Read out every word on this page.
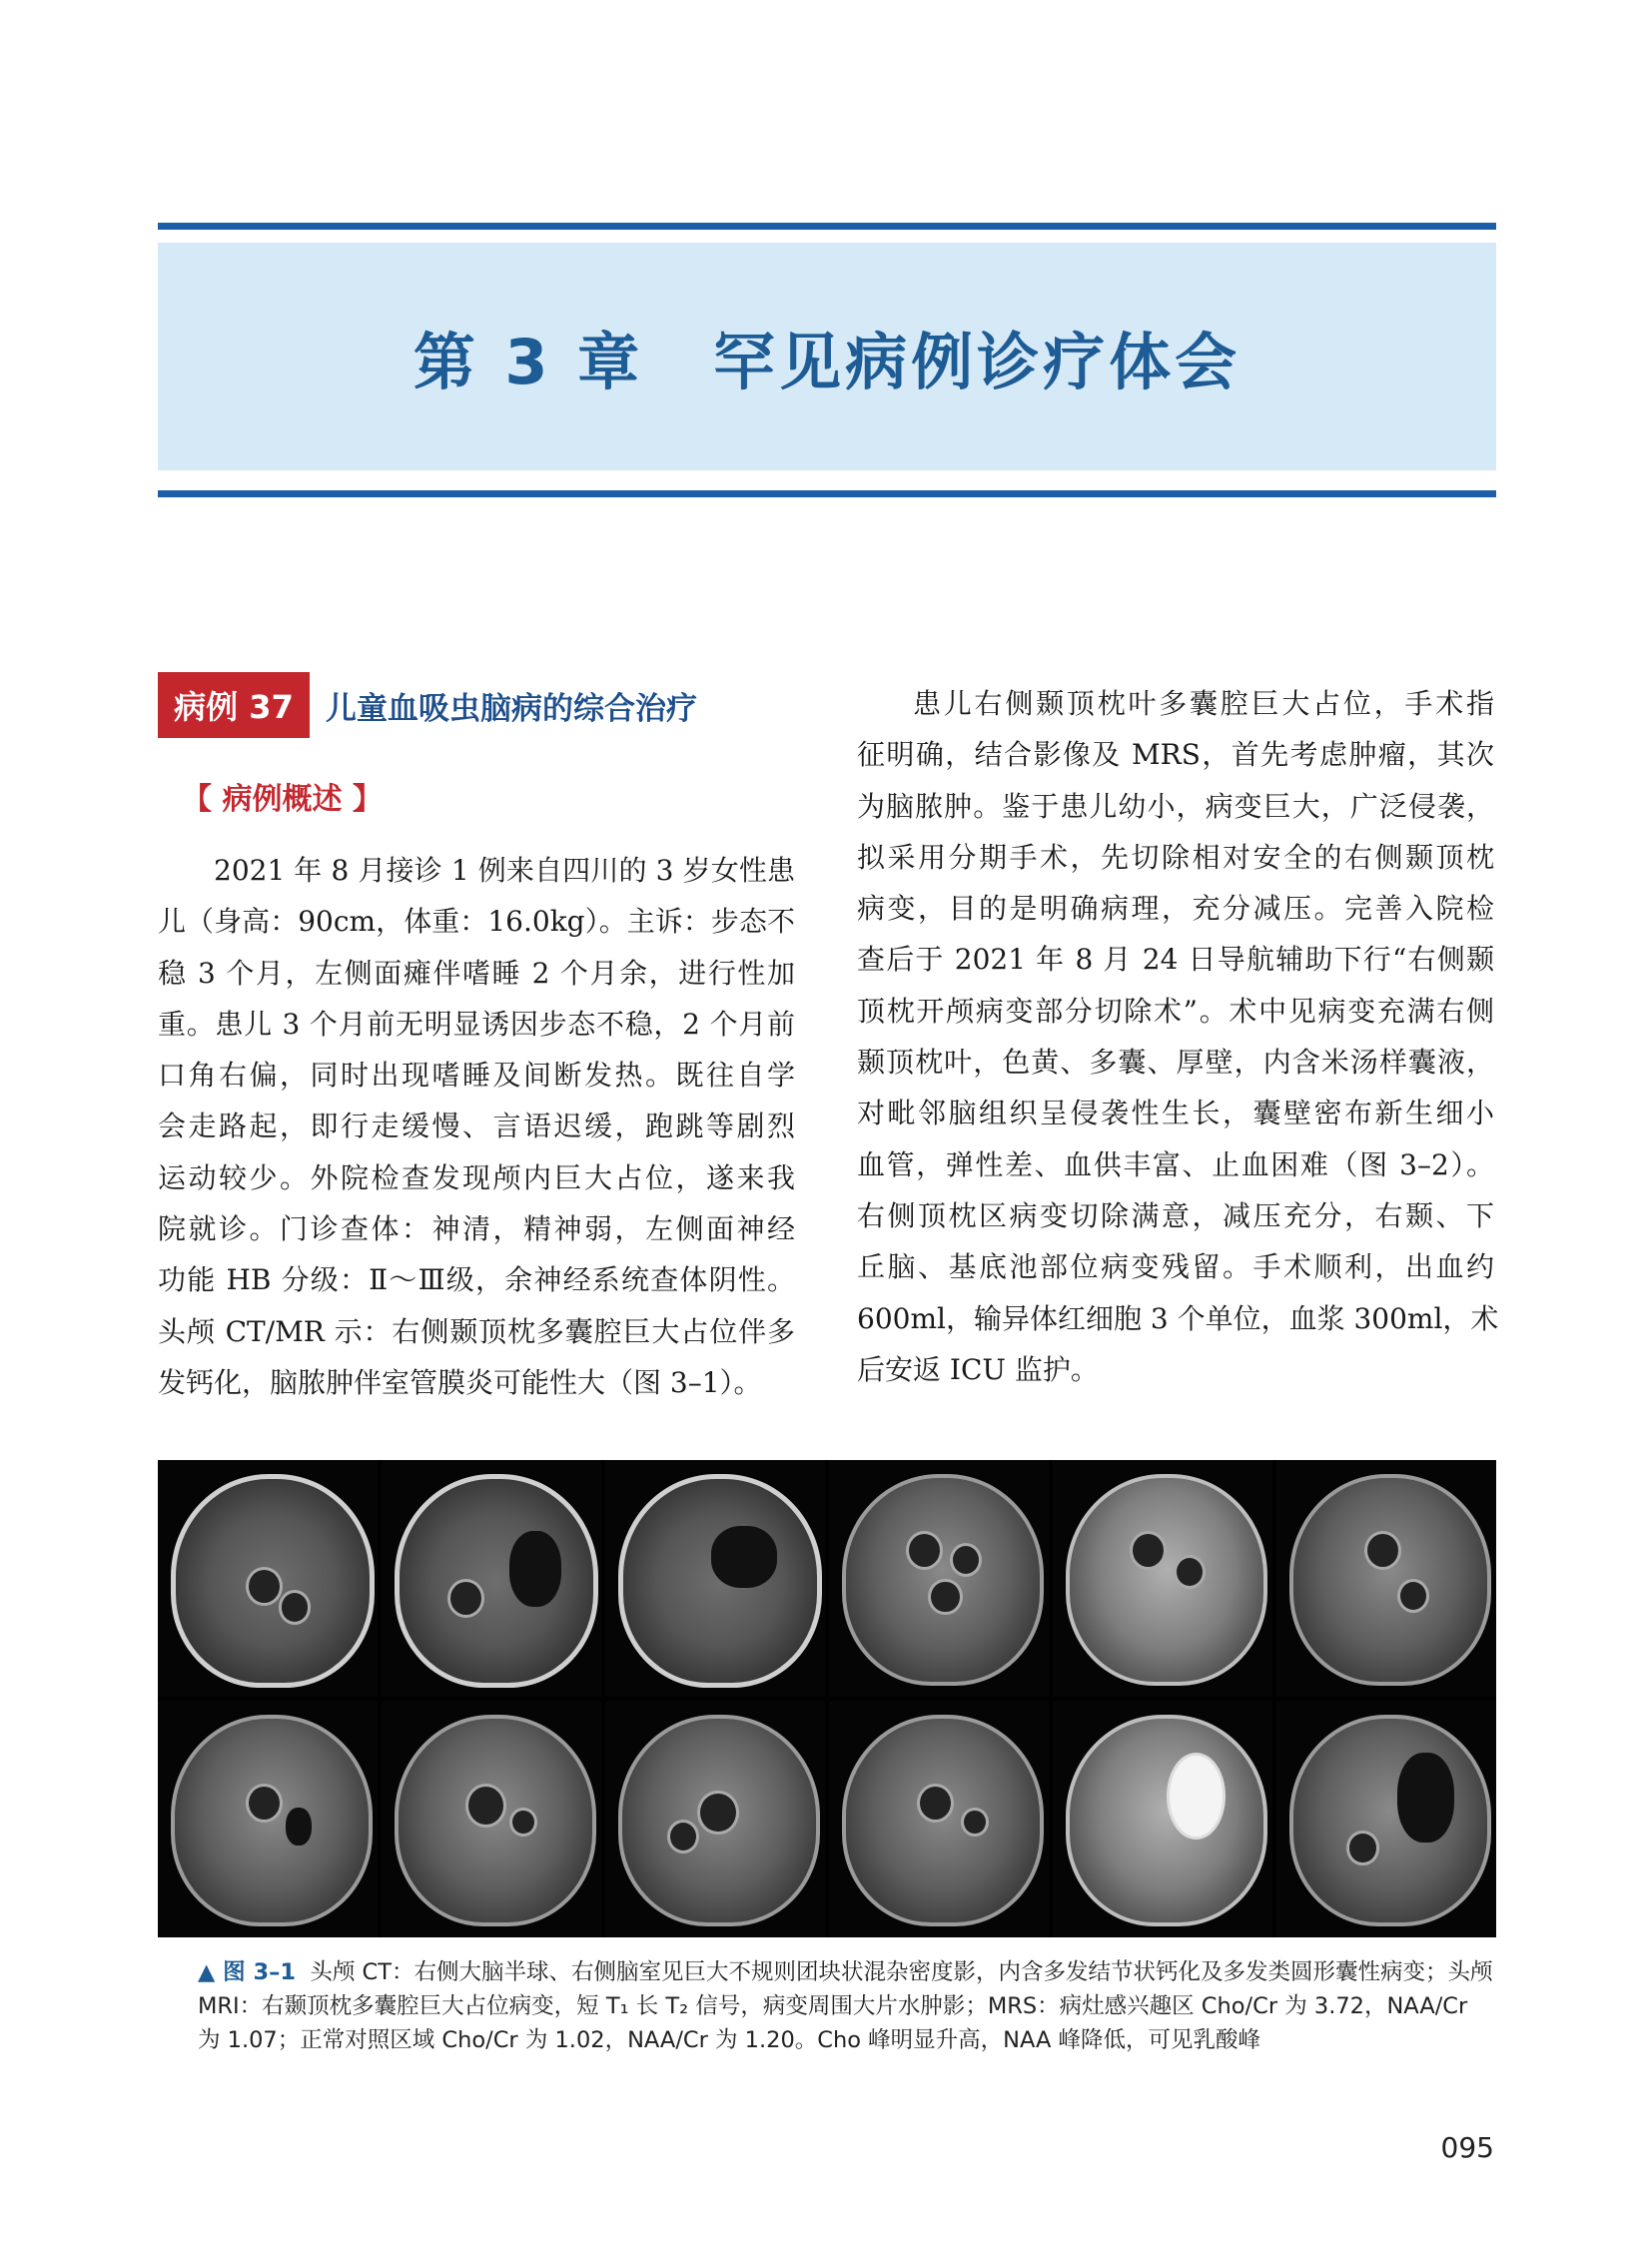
第 3 章 罕见病例诊疗体会
病例 37	儿童血吸虫脑病的综合治疗
【 病例概述 】
2021 年 8 月接诊 1 例来自四川的 3 岁女性患
儿（身高：90cm，体重：16.0kg）。主诉：步态不
稳 3 个月，左侧面瘫伴嗜睡 2 个月余，进行性加
重。患儿 3 个月前无明显诱因步态不稳，2 个月前
口角右偏，同时出现嗜睡及间断发热。既往自学
会走路起，即行走缓慢、言语迟缓，跑跳等剧烈
运动较少。外院检查发现颅内巨大占位，遂来我
院就诊。门诊查体：神清，精神弱，左侧面神经
功能 HB 分级：Ⅱ～Ⅲ级，余神经系统查体阴性。
头颅 CT/MR 示：右侧颞顶枕多囊腔巨大占位伴多
发钙化，脑脓肿伴室管膜炎可能性大（图 3–1）。
患儿右侧颞顶枕叶多囊腔巨大占位，手术指
征明确，结合影像及 MRS，首先考虑肿瘤，其次
为脑脓肿。鉴于患儿幼小，病变巨大，广泛侵袭，
拟采用分期手术，先切除相对安全的右侧颞顶枕
病变，目的是明确病理，充分减压。完善入院检
查后于 2021 年 8 月 24 日导航辅助下行“右侧颞
顶枕开颅病变部分切除术”。术中见病变充满右侧
颞顶枕叶，色黄、多囊、厚壁，内含米汤样囊液，
对毗邻脑组织呈侵袭性生长，囊壁密布新生细小
血管，弹性差、血供丰富、止血困难（图 3–2）。
右侧顶枕区病变切除满意，减压充分，右颞、下
丘脑、基底池部位病变残留。手术顺利，出血约
600ml，输异体红细胞 3 个单位，血浆 300ml，术
后安返 ICU 监护。
▲ 图 3–1 头颅 CT：右侧大脑半球、右侧脑室见巨大不规则团块状混杂密度影，内含多发结节状钙化及多发类圆形囊性病变；头颅 MRI：右颞顶枕多囊腔巨大占位病变，短 T₁ 长 T₂ 信号，病变周围大片水肿影；MRS：病灶感兴趣区 Cho/Cr 为 3.72，NAA/Cr 为 1.07；正常对照区域 Cho/Cr 为 1.02，NAA/Cr 为 1.20。Cho 峰明显升高，NAA 峰降低，可见乳酸峰
095
